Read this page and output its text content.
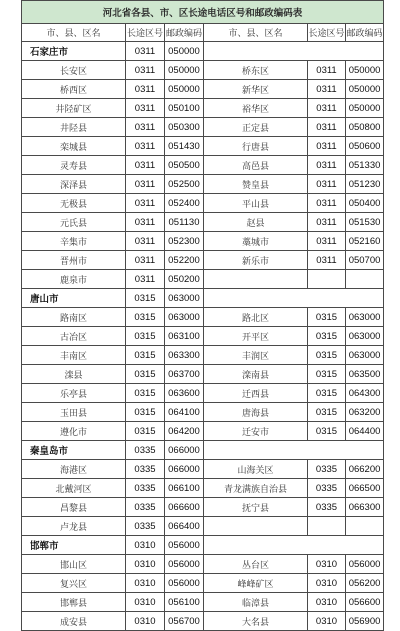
河北省各县、市、区长途电话区号和邮政编码表					
市、县、区名	长途区号	邮政编码	市、县、区名	长途区号	邮政编码
石家庄市	0311	050000			
长安区	0311	050000	桥东区	0311	050000
桥西区	0311	050000	新华区	0311	050000
井陉矿区	0311	050100	裕华区	0311	050000
井陉县	0311	050300	正定县	0311	050800
栾城县	0311	051430	行唐县	0311	050600
灵寿县	0311	050500	高邑县	0311	051330
深泽县	0311	052500	赞皇县	0311	051230
无极县	0311	052400	平山县	0311	050400
元氏县	0311	051130	赵县	0311	051530
辛集市	0311	052300	藁城市	0311	052160
晋州市	0311	052200	新乐市	0311	050700
鹿泉市	0311	050200			
唐山市	0315	063000			
路南区	0315	063000	路北区	0315	063000
古冶区	0315	063100	开平区	0315	063000
丰南区	0315	063300	丰润区	0315	063000
滦县	0315	063700	滦南县	0315	063500
乐亭县	0315	063600	迁西县	0315	064300
玉田县	0315	064100	唐海县	0315	063200
遵化市	0315	064200	迁安市	0315	064400
秦皇岛市	0335	066000			
海港区	0335	066000	山海关区	0335	066200
北戴河区	0335	066100	青龙满族自治县	0335	066500
昌黎县	0335	066600	抚宁县	0335	066300
卢龙县	0335	066400			
邯郸市	0310	056000			
邯山区	0310	056000	丛台区	0310	056000
复兴区	0310	056000	峰峰矿区	0310	056200
邯郸县	0310	056100	临漳县	0310	056600
成安县	0310	056700	大名县	0310	056900
